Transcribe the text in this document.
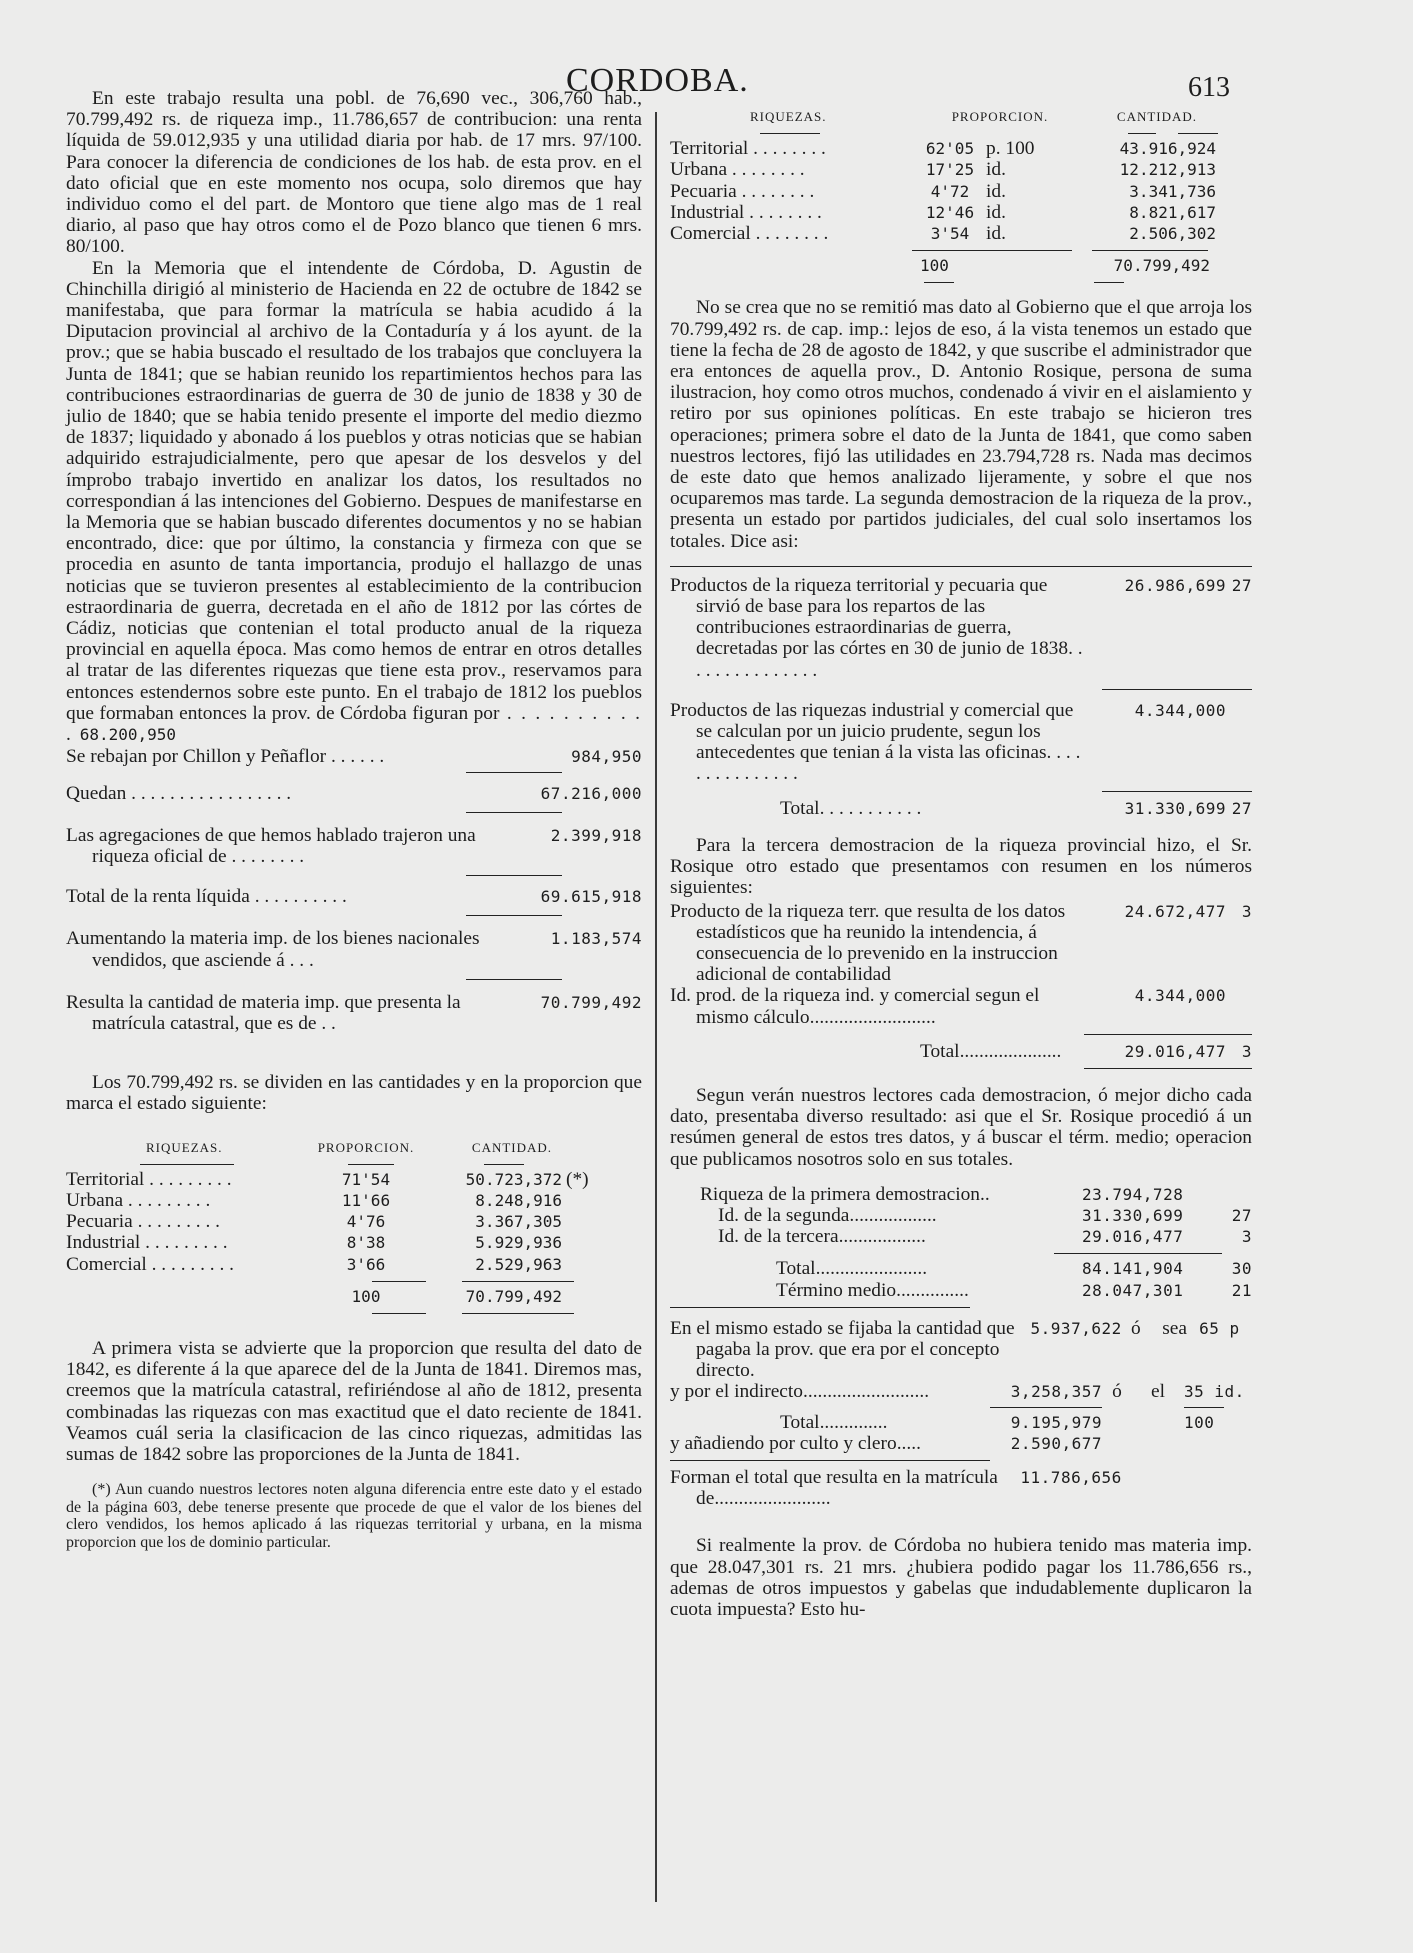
CORDOBA.	613

En este trabajo resulta una pobl. de 76,690 vec., 306,760 hab., 70.799,492 rs. de riqueza imp., 11.786,657 de contribucion: una renta líquida de 59.012,935 y una utilidad diaria por hab. de 17 mrs. 97/100. Para conocer la diferencia de condiciones de los hab. de esta prov. en el dato oficial que en este momento nos ocupa, solo diremos que hay individuo como el del part. de Montoro que tiene algo mas de 1 real diario, al paso que hay otros como el de Pozo blanco que tienen 6 mrs. 80/100.

En la Memoria que el intendente de Córdoba, D. Agustin de Chinchilla dirigió al ministerio de Hacienda en 22 de octubre de 1842 se manifestaba, que para formar la matrícula se habia acudido á la Diputacion provincial al archivo de la Contaduría y á los ayunt. de la prov.; que se habia buscado el resultado de los trabajos que concluyera la Junta de 1841; que se habian reunido los repartimientos hechos para las contribuciones estraordinarias de guerra de 30 de junio de 1838 y 30 de julio de 1840; que se habia tenido presente el importe del medio diezmo de 1837; liquidado y abonado á los pueblos y otras noticias que se habian adquirido estrajudicialmente, pero que apesar de los desvelos y del ímprobo trabajo invertido en analizar los datos, los resultados no correspondian á las intenciones del Gobierno. Despues de manifestarse en la Memoria que se habian buscado diferentes documentos y no se habian encontrado, dice: que por último, la constancia y firmeza con que se procedia en asunto de tanta importancia, produjo el hallazgo de unas noticias que se tuvieron presentes al establecimiento de la contribucion estraordinaria de guerra, decretada en el año de 1812 por las córtes de Cádiz, noticias que contenian el total producto anual de la riqueza provincial en aquella época. Mas como hemos de entrar en otros detalles al tratar de las diferentes riquezas que tiene esta prov., reservamos para entonces estendernos sobre este punto. En el trabajo de 1812 los pueblos que formaban entonces la prov. de Córdoba figuran por . . . . . . . . . . . 68.200,950

Se rebajan por Chillon y Peñaflor . . . . . .	984,950
Quedan . . . . . . . . . . . . . . . . .	67.216,000
Las agregaciones de que hemos hablado trajeron una riqueza oficial de . . . . . . . .
2.399,918
Total de la renta líquida . . . . . . . . . .	69.615,918
Aumentando la materia imp. de los bienes nacionales vendidos, que asciende á . . .
1.183,574
Resulta la cantidad de materia imp. que presenta la matrícula catastral, que es de . .
70.799,492

Los 70.799,492 rs. se dividen en las cantidades y en la proporcion que marca el estado siguiente:

RIQUEZAS.	PROPORCION.	CANTIDAD.
Territorial . . . . . . . . .	71'54	50.723,372 (*)
Urbana . . . . . . . . .	11'66	8.248,916
Pecuaria . . . . . . . . .	4'76	3.367,305
Industrial . . . . . . . . .	8'38	5.929,936
Comercial . . . . . . . . .	3'66	2.529,963
100	70.799,492

A primera vista se advierte que la proporcion que resulta del dato de 1842, es diferente á la que aparece del de la Junta de 1841. Diremos mas, creemos que la matrícula catastral, refiriéndose al año de 1812, presenta combinadas las riquezas con mas exactitud que el dato reciente de 1841. Veamos cuál seria la clasificacion de las cinco riquezas, admitidas las sumas de 1842 sobre las proporciones de la Junta de 1841.

(*) Aun cuando nuestros lectores noten alguna diferencia entre este dato y el estado de la página 603, debe tenerse presente que procede de que el valor de los bienes del clero vendidos, los hemos aplicado á las riquezas territorial y urbana, en la misma proporcion que los de dominio particular.

RIQUEZAS.	PROPORCION.	CANTIDAD.
Territorial . . . . . . . .	62'05 p. 100	43.916,924
Urbana . . . . . . . .	17'25 id.	12.212,913
Pecuaria . . . . . . . .	4'72 id.	3.341,736
Industrial . . . . . . . .	12'46 id.	8.821,617
Comercial . . . . . . . .	3'54 id.	2.506,302
100	70.799,492

No se crea que no se remitió mas dato al Gobierno que el que arroja los 70.799,492 rs. de cap. imp.: lejos de eso, á la vista tenemos un estado que tiene la fecha de 28 de agosto de 1842, y que suscribe el administrador que era entonces de aquella prov., D. Antonio Rosique, persona de suma ilustracion, hoy como otros muchos, condenado á vivir en el aislamiento y retiro por sus opiniones políticas. En este trabajo se hicieron tres operaciones; primera sobre el dato de la Junta de 1841, que como saben nuestros lectores, fijó las utilidades en 23.794,728 rs. Nada mas decimos de este dato que hemos analizado lijeramente, y sobre el que nos ocuparemos mas tarde. La segunda demostracion de la riqueza de la prov., presenta un estado por partidos judiciales, del cual solo insertamos los totales. Dice asi:

Productos de la riqueza territorial y pecuaria que sirvió de base para los repartos de las contribuciones estraordinarias de guerra, decretadas por las córtes en 30 de junio de 1838. . . . . . . . . . . . . . .
26.986,699 27
Productos de las riquezas industrial y comercial que se calculan por un juicio prudente, segun los antecedentes que tenian á la vista las oficinas. . . . . . . . . . . . . . .
4.344,000
Total. . . . . . . . . . .	31.330,699 27

Para la tercera demostracion de la riqueza provincial hizo, el Sr. Rosique otro estado que presentamos con resumen en los números siguientes:

Producto de la riqueza terr. que resulta de los datos estadísticos que ha reunido la intendencia, á consecuencia de lo prevenido en la instruccion adicional de contabilidad
24.672,477 3
Id. prod. de la riqueza ind. y comercial segun el mismo cálculo..........................
4.344,000
Total.....................	29.016,477 3

Segun verán nuestros lectores cada demostracion, ó mejor dicho cada dato, presentaba diverso resultado: asi que el Sr. Rosique procedió á un resúmen general de estos tres datos, y á buscar el térm. medio; operacion que publicamos nosotros solo en sus totales.

Riqueza de la primera demostracion..	23.794,728
Id. de la segunda..................	31.330,699	27
Id. de la tercera..................	29.016,477	3
Total.......................	84.141,904	30
Término medio...............	28.047,301	21
En el mismo estado se fijaba la cantidad que pagaba la prov. que era por el concepto directo.
5.937,622 ó	sea 65 p
y por el indirecto..........................	3,258,357 ó	el	35 id.
Total..............	9.195,979	100
y añadiendo por culto y clero.....	2.590,677
Forman el total que resulta en la matrícula de........................
11.786,656

Si realmente la prov. de Córdoba no hubiera tenido mas materia imp. que 28.047,301 rs. 21 mrs. ¿hubiera podido pagar los 11.786,656 rs., ademas de otros impuestos y gabelas que indudablemente duplicaron la cuota impuesta? Esto hu-
